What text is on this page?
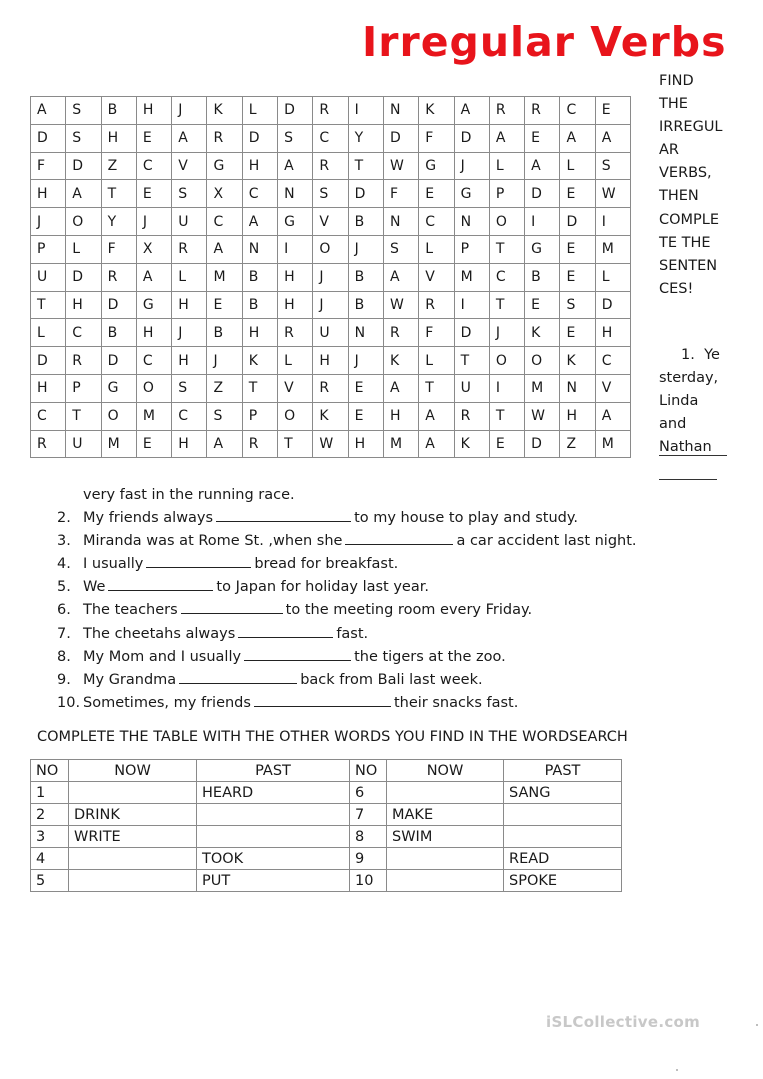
Irregular Verbs
A	S	B	H	J	K	L	D	R	I	N	K	A	R	R	C	E
D	S	H	E	A	R	D	S	C	Y	D	F	D	A	E	A	A
F	D	Z	C	V	G	H	A	R	T	W	G	J	L	A	L	S
H	A	T	E	S	X	C	N	S	D	F	E	G	P	D	E	W
J	O	Y	J	U	C	A	G	V	B	N	C	N	O	I	D	I
P	L	F	X	R	A	N	I	O	J	S	L	P	T	G	E	M
U	D	R	A	L	M	B	H	J	B	A	V	M	C	B	E	L
T	H	D	G	H	E	B	H	J	B	W	R	I	T	E	S	D
L	C	B	H	J	B	H	R	U	N	R	F	D	J	K	E	H
D	R	D	C	H	J	K	L	H	J	K	L	T	O	O	K	C
H	P	G	O	S	Z	T	V	R	E	A	T	U	I	M	N	V
C	T	O	M	C	S	P	O	K	E	H	A	R	T	W	H	A
R	U	M	E	H	A	R	T	W	H	M	A	K	E	D	Z	M
FIND
THE
IRREGUL
AR
VERBS,
THEN
COMPLE
TE THE
SENTEN
CES!
1. Ye
sterday,
Linda and
Nathan
very fast in the running race.
2. My friends always	to my house to play and study.
3. Miranda was at Rome St. ,when she	a car accident last night.
4. I usually	bread for breakfast.
5. We	to Japan for holiday last year.
6. The teachers	to the meeting room every Friday.
7. The cheetahs always	fast.
8. My Mom and I usually	the tigers at the zoo.
9. My Grandma	back from Bali last week.
10. Sometimes, my friends	their snacks fast.
COMPLETE THE TABLE WITH THE OTHER WORDS YOU FIND IN THE WORDSEARCH
NO	NOW	PAST	NO	NOW	PAST
1		HEARD	6		SANG
2	DRINK		7	MAKE	
3	WRITE		8	SWIM	
4		TOOK	9		READ
5		PUT	10		SPOKE
iSLCollective.com
